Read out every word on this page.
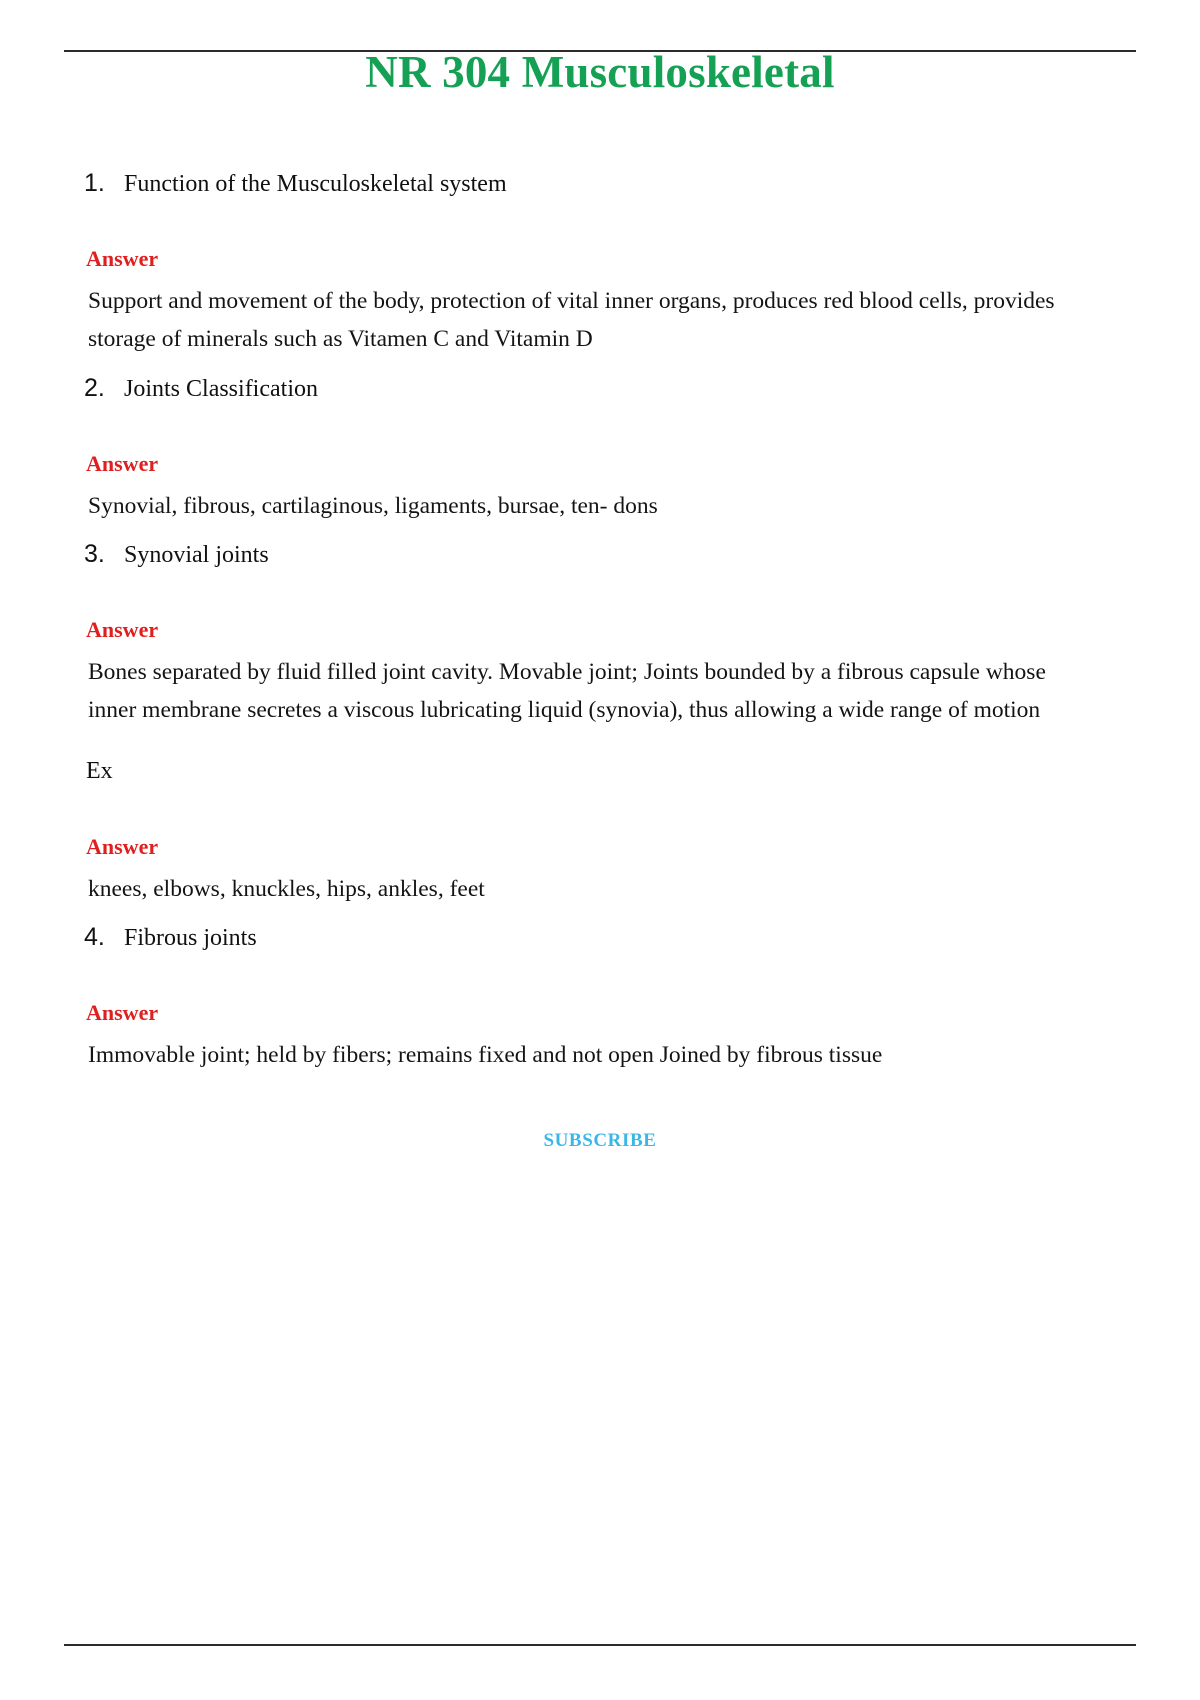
NR 304 Musculoskeletal
1. Function of the Musculoskeletal system
Answer
Support and movement of the body, protection of vital inner organs, produces red blood cells, provides storage of minerals such as Vitamen C and Vitamin D
2. Joints Classification
Answer
Synovial, fibrous, cartilaginous, ligaments, bursae, ten- dons
3. Synovial joints
Answer
Bones separated by fluid filled joint cavity. Movable joint; Joints bounded by a fibrous capsule whose inner membrane secretes a viscous lubricating liquid (synovia), thus allowing a wide range of motion
Ex
Answer
knees, elbows, knuckles, hips, ankles, feet
4. Fibrous joints
Answer
Immovable joint; held by fibers; remains fixed and not open Joined by fibrous tissue
SUBSCRIBE
